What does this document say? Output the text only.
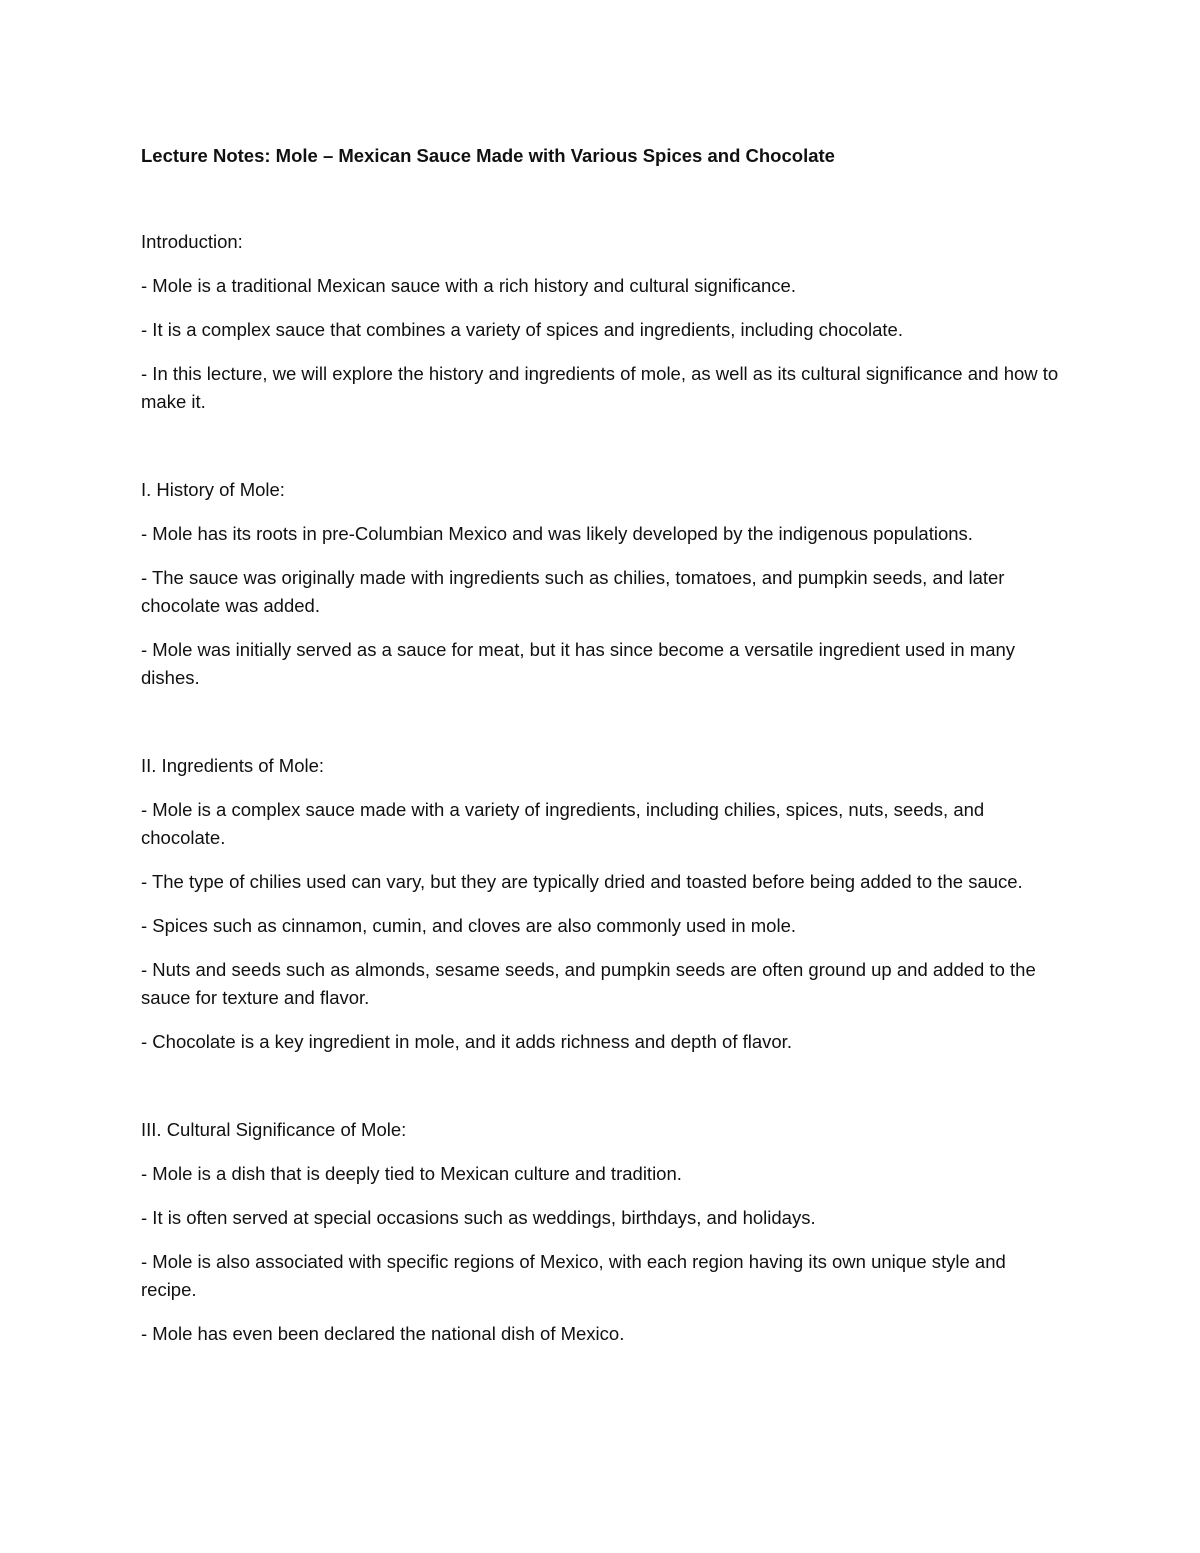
Lecture Notes: Mole – Mexican Sauce Made with Various Spices and Chocolate

Introduction:

- Mole is a traditional Mexican sauce with a rich history and cultural significance.

- It is a complex sauce that combines a variety of spices and ingredients, including chocolate.

- In this lecture, we will explore the history and ingredients of mole, as well as its cultural significance and how to make it.

I. History of Mole:

- Mole has its roots in pre-Columbian Mexico and was likely developed by the indigenous populations.

- The sauce was originally made with ingredients such as chilies, tomatoes, and pumpkin seeds, and later chocolate was added.

- Mole was initially served as a sauce for meat, but it has since become a versatile ingredient used in many dishes.

II. Ingredients of Mole:

- Mole is a complex sauce made with a variety of ingredients, including chilies, spices, nuts, seeds, and chocolate.

- The type of chilies used can vary, but they are typically dried and toasted before being added to the sauce.

- Spices such as cinnamon, cumin, and cloves are also commonly used in mole.

- Nuts and seeds such as almonds, sesame seeds, and pumpkin seeds are often ground up and added to the sauce for texture and flavor.

- Chocolate is a key ingredient in mole, and it adds richness and depth of flavor.

III. Cultural Significance of Mole:

- Mole is a dish that is deeply tied to Mexican culture and tradition.

- It is often served at special occasions such as weddings, birthdays, and holidays.

- Mole is also associated with specific regions of Mexico, with each region having its own unique style and recipe.

- Mole has even been declared the national dish of Mexico.
